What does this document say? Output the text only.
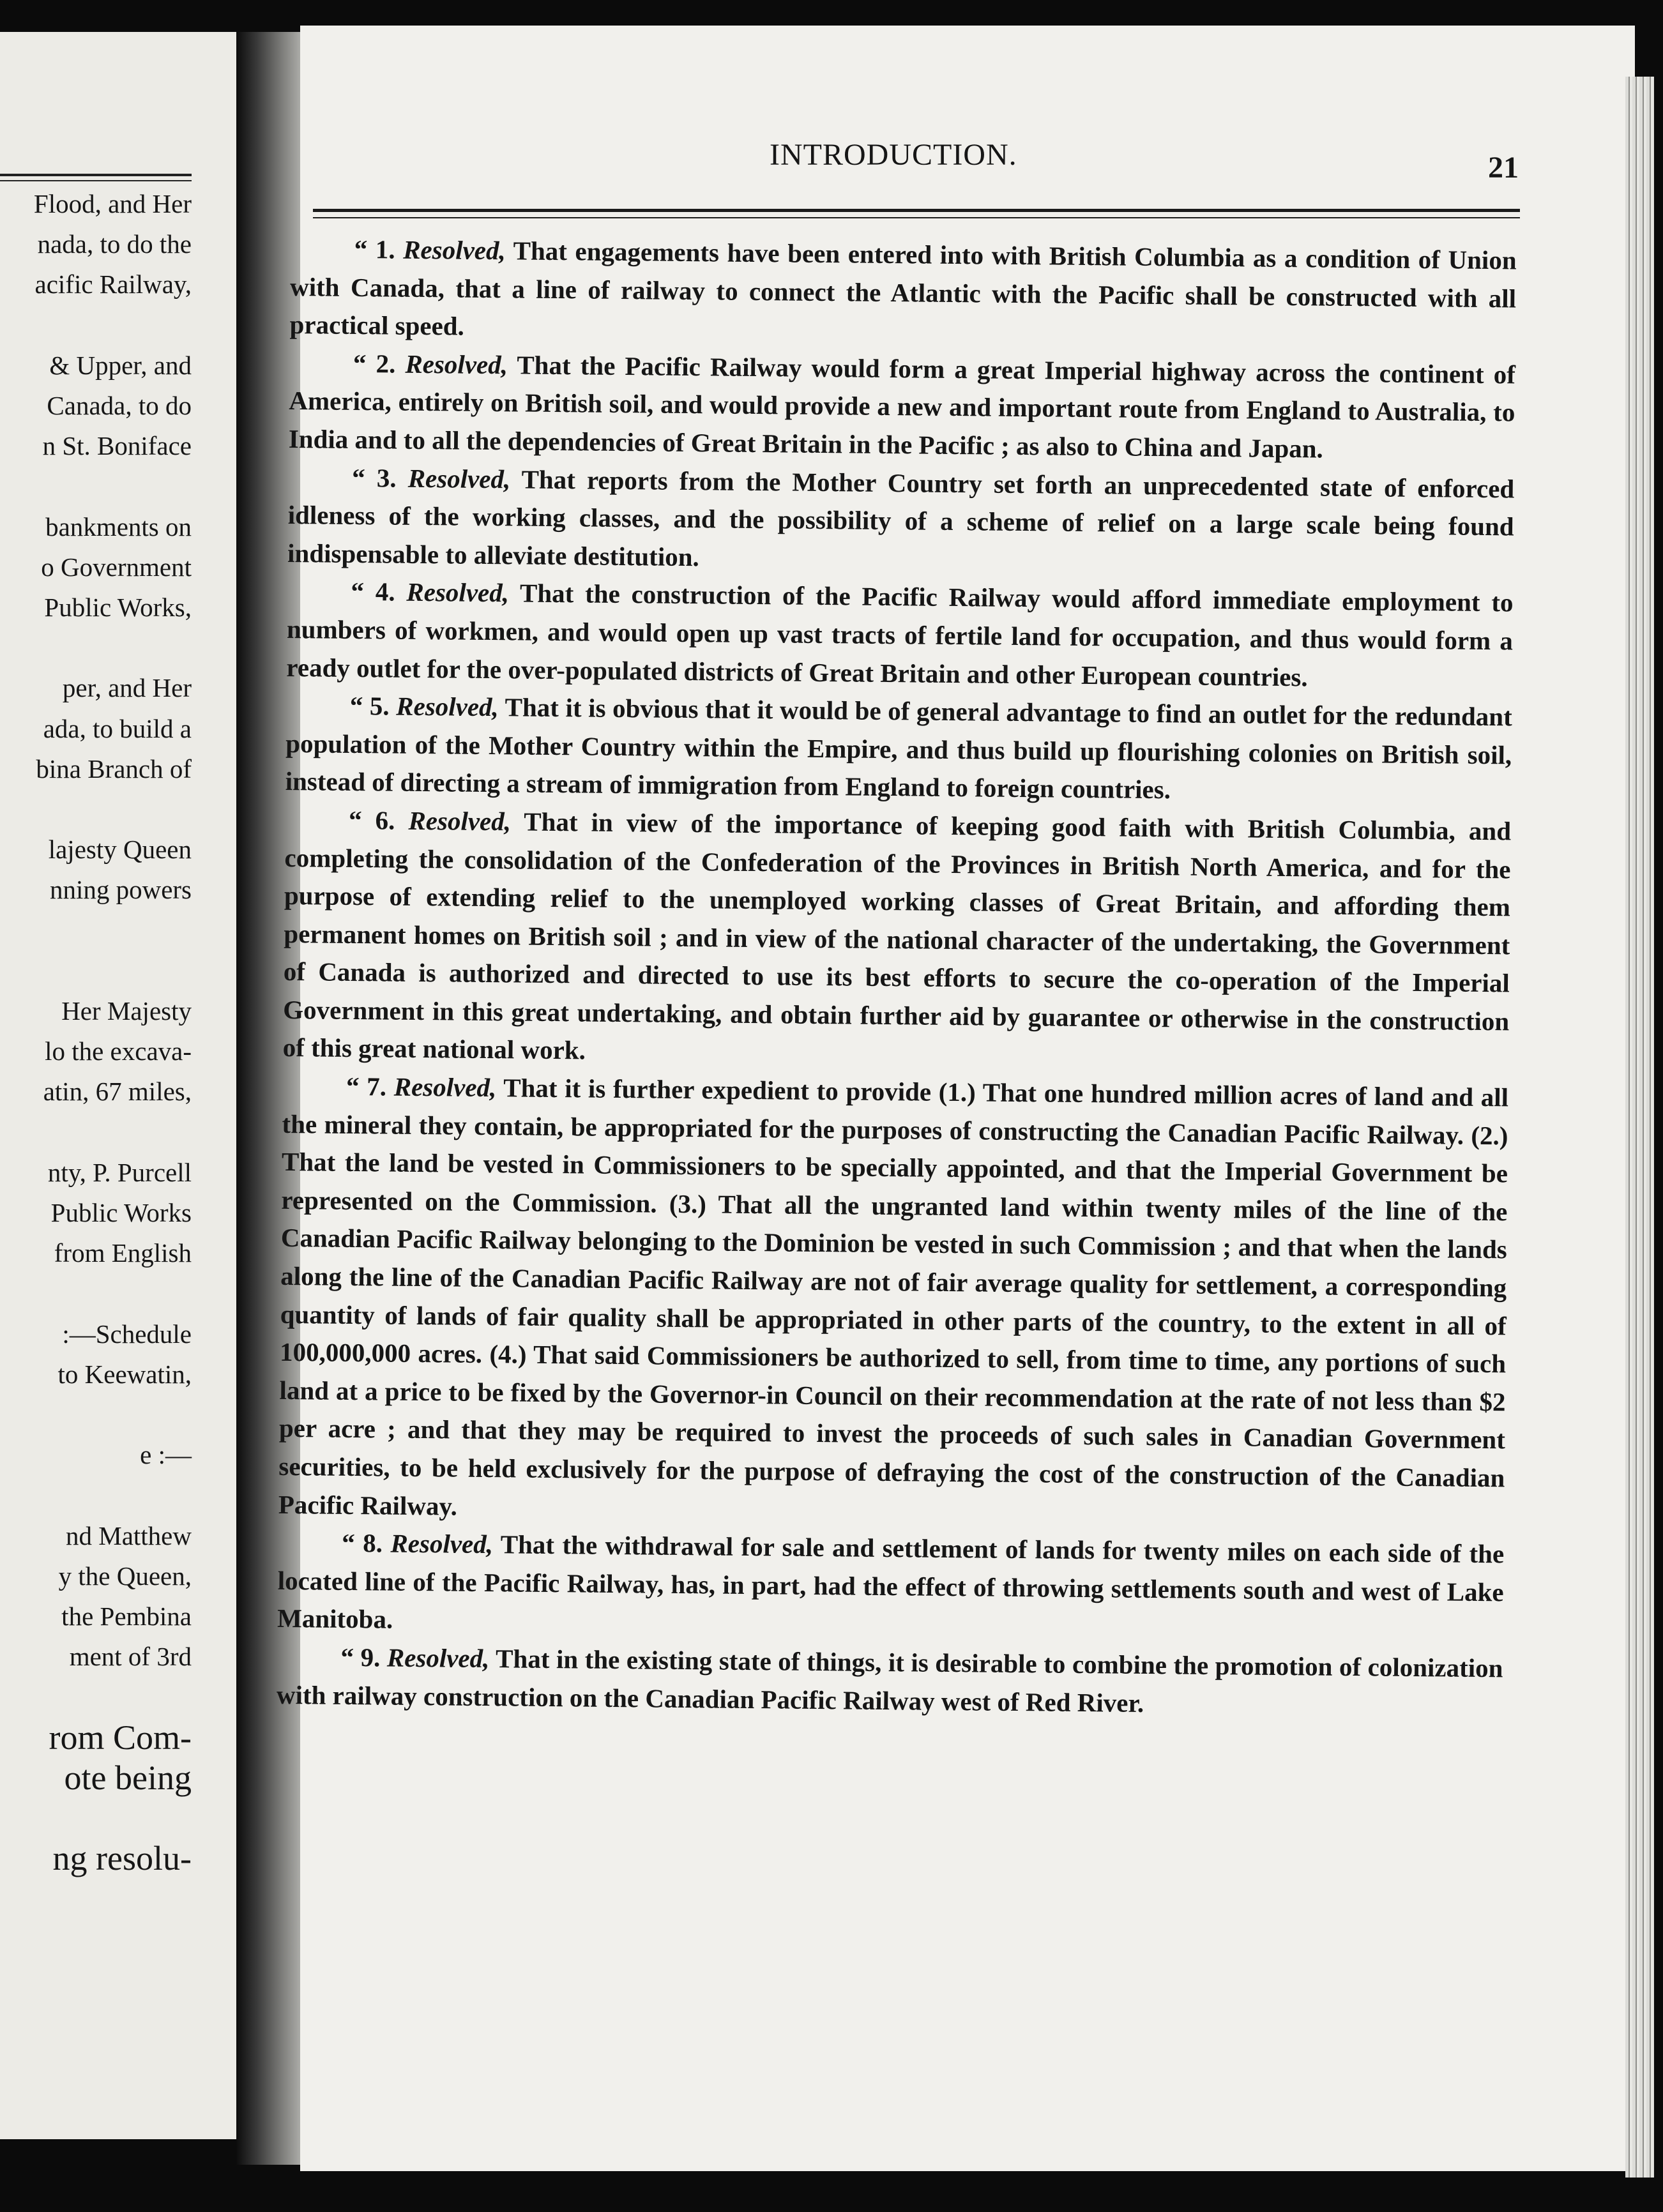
Flood, and Her
nada, to do the
acific Railway,
& Upper, and
Canada, to do
n St. Boniface
bankments on
o Government
Public Works,
per, and Her
ada, to build a
bina Branch of
lajesty Queen
nning powers
Her Majesty
lo the excava-
atin, 67 miles,
nty, P. Purcell
Public Works
from English
:—Schedule
to Keewatin,
e :—
nd Matthew
y the Queen,
the Pembina
ment of 3rd
rom Com-
ote being
ng resolu-
INTRODUCTION.	21

“ 1. Resolved, That engagements have been entered into with British Columbia as a condition of Union with Canada, that a line of railway to connect the Atlantic with the Pacific shall be constructed with all practical speed.

“ 2. Resolved, That the Pacific Railway would form a great Imperial highway across the continent of America, entirely on British soil, and would provide a new and important route from England to Australia, to India and to all the dependencies of Great Britain in the Pacific ; as also to China and Japan.

“ 3. Resolved, That reports from the Mother Country set forth an unprecedented state of enforced idleness of the working classes, and the possibility of a scheme of relief on a large scale being found indispensable to alleviate destitution.

“ 4. Resolved, That the construction of the Pacific Railway would afford immediate employment to numbers of workmen, and would open up vast tracts of fertile land for occupation, and thus would form a ready outlet for the over-populated districts of Great Britain and other European countries.

“ 5. Resolved, That it is obvious that it would be of general advantage to find an outlet for the redundant population of the Mother Country within the Empire, and thus build up flourishing colonies on British soil, instead of directing a stream of immigration from England to foreign countries.

“ 6. Resolved, That in view of the importance of keeping good faith with British Columbia, and completing the consolidation of the Confederation of the Provinces in British North America, and for the purpose of extending relief to the unemployed working classes of Great Britain, and affording them permanent homes on British soil ; and in view of the national character of the undertaking, the Government of Canada is authorized and directed to use its best efforts to secure the co-operation of the Imperial Government in this great undertaking, and obtain further aid by guarantee or otherwise in the construction of this great national work.

“ 7. Resolved, That it is further expedient to provide (1.) That one hundred million acres of land and all the mineral they contain, be appropriated for the purposes of constructing the Canadian Pacific Railway. (2.) That the land be vested in Commissioners to be specially appointed, and that the Imperial Government be represented on the Commission. (3.) That all the ungranted land within twenty miles of the line of the Canadian Pacific Railway belonging to the Dominion be vested in such Commission ; and that when the lands along the line of the Canadian Pacific Railway are not of fair average quality for settlement, a corresponding quantity of lands of fair quality shall be appropriated in other parts of the country, to the extent in all of 100,000,000 acres. (4.) That said Commissioners be authorized to sell, from time to time, any portions of such land at a price to be fixed by the Governor-in Council on their recommendation at the rate of not less than $2 per acre ; and that they may be required to invest the proceeds of such sales in Canadian Government securities, to be held exclusively for the purpose of defraying the cost of the construction of the Canadian Pacific Railway.

“ 8. Resolved, That the withdrawal for sale and settlement of lands for twenty miles on each side of the located line of the Pacific Railway, has, in part, had the effect of throwing settlements south and west of Lake Manitoba.

“ 9. Resolved, That in the existing state of things, it is desirable to combine the promotion of colonization with railway construction on the Canadian Pacific Railway west of Red River.
